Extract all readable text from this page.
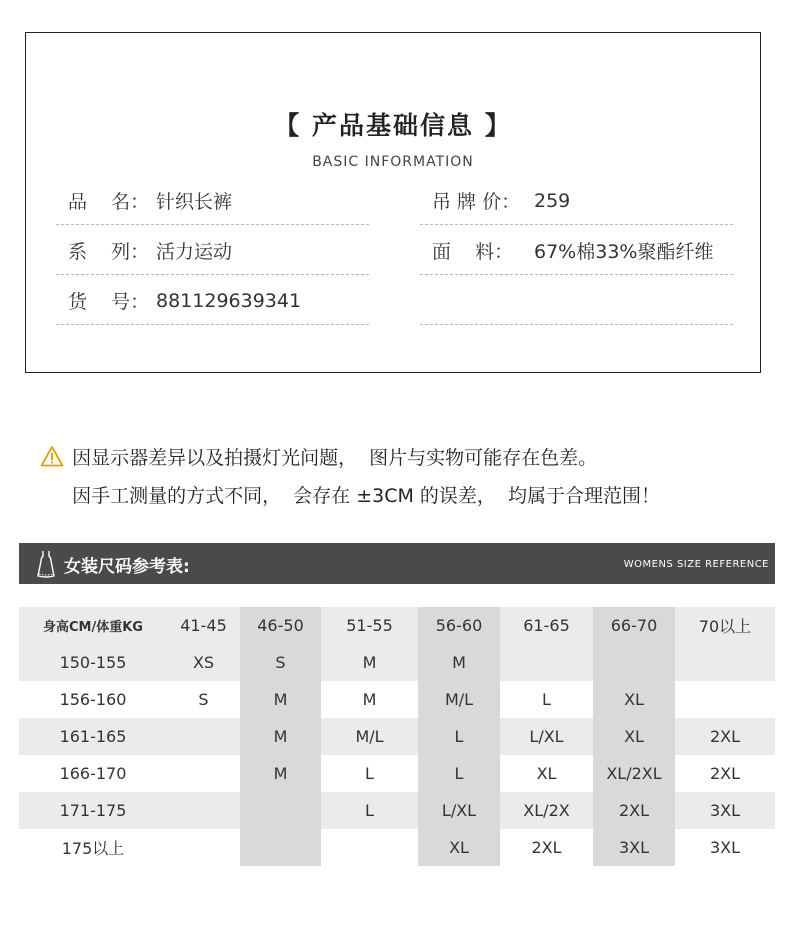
【 产品基础信息 】
BASIC INFORMATION
品    名： 针织长裤
系    列： 活力运动
货    号： 881129639341
吊 牌 价： 259
面    料：	67%棉33%聚酯纤维

因显示器差异以及拍摄灯光问题，  图片与实物可能存在色差。

因手工测量的方式不同，  会存在 ±3CM 的误差，  均属于合理范围！

女装尺码参考表:	WOMENS SIZE REFERENCE
身高CM/体重KG	41-45	46-50	51-55	56-60	61-65	66-70	70以上
150-155	XS	S	M	M			
156-160	S	M	M	M/L	L	XL	
161-165		M	M/L	L	L/XL	XL	2XL
166-170		M	L	L	XL	XL/2XL	2XL
171-175			L	L/XL	XL/2X	2XL	3XL
175以上				XL	2XL	3XL	3XL
